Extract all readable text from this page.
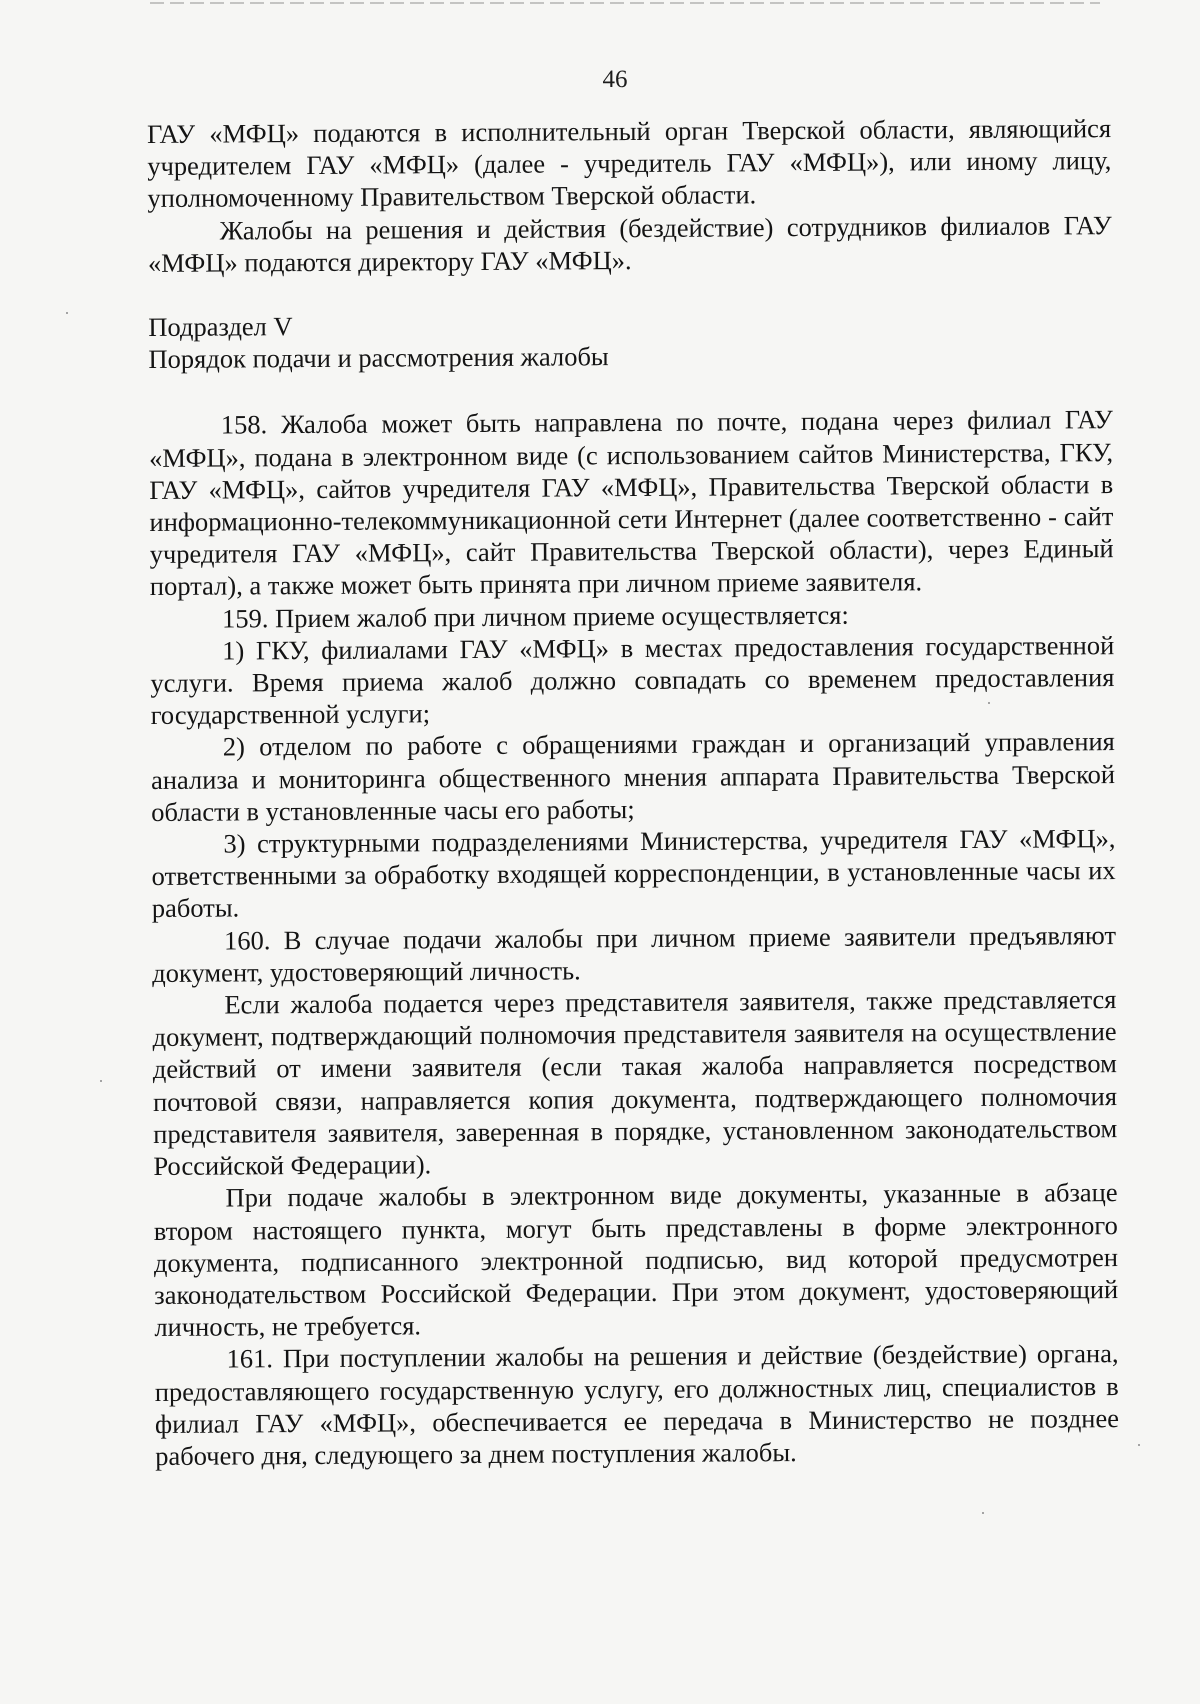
46

ГАУ «МФЦ» подаются в исполнительный орган Тверской области, являющийся учредителем ГАУ «МФЦ» (далее - учредитель ГАУ «МФЦ»), или иному лицу, уполномоченному Правительством Тверской области.

Жалобы на решения и действия (бездействие) сотрудников филиалов ГАУ «МФЦ» подаются директору ГАУ «МФЦ».

Подраздел V

Порядок подачи и рассмотрения жалобы

158. Жалоба может быть направлена по почте, подана через филиал ГАУ «МФЦ», подана в электронном виде (с использованием сайтов Министерства, ГКУ, ГАУ «МФЦ», сайтов учредителя ГАУ «МФЦ», Правительства Тверской области в информационно-телекоммуникационной сети Интернет (далее соответственно - сайт учредителя ГАУ «МФЦ», сайт Правительства Тверской области), через Единый портал), а также может быть принята при личном приеме заявителя.

159. Прием жалоб при личном приеме осуществляется:

1) ГКУ, филиалами ГАУ «МФЦ» в местах предоставления государственной услуги. Время приема жалоб должно совпадать со временем предоставления государственной услуги;

2) отделом по работе с обращениями граждан и организаций управления анализа и мониторинга общественного мнения аппарата Правительства Тверской области в установленные часы его работы;

3) структурными подразделениями Министерства, учредителя ГАУ «МФЦ», ответственными за обработку входящей корреспонденции, в установленные часы их работы.

160. В случае подачи жалобы при личном приеме заявители предъявляют документ, удостоверяющий личность.

Если жалоба подается через представителя заявителя, также представляется документ, подтверждающий полномочия представителя заявителя на осуществление действий от имени заявителя (если такая жалоба направляется посредством почтовой связи, направляется копия документа, подтверждающего полномочия представителя заявителя, заверенная в порядке, установленном законодательством Российской Федерации).

При подаче жалобы в электронном виде документы, указанные в абзаце втором настоящего пункта, могут быть представлены в форме электронного документа, подписанного электронной подписью, вид которой предусмотрен законодательством Российской Федерации. При этом документ, удостоверяющий личность, не требуется.

161. При поступлении жалобы на решения и действие (бездействие) органа, предоставляющего государственную услугу, его должностных лиц, специалистов в филиал ГАУ «МФЦ», обеспечивается ее передача в Министерство не позднее рабочего дня, следующего за днем поступления жалобы.
